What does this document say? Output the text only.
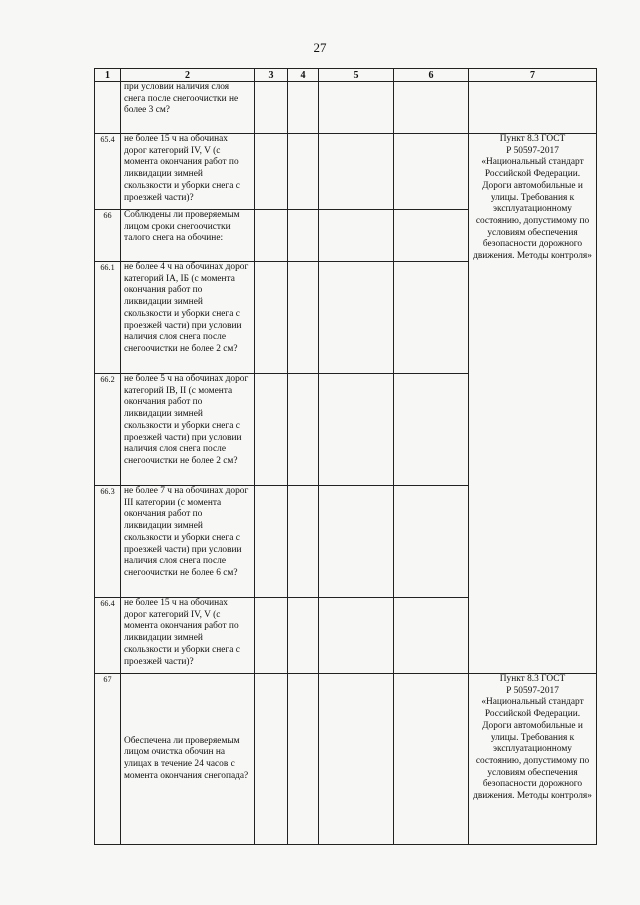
27
1	2	3	4	5	6	7
	при условии наличия слоя снега после снегоочистки не более 3 см?					
65.4	не более 15 ч на обочинах дорог категорий IV, V (с момента окончания работ по ликвидации зимней скользкости и уборки снега с проезжей части)?					Пункт 8.3 ГОСТ
Р 50597-2017
«Национальный стандарт Российской Федерации. Дороги автомобильные и улицы. Требования к эксплуатационному состоянию, допустимому по условиям обеспечения безопасности дорожного движения. Методы контроля»

66	Соблюдены ли проверяемым лицом сроки снегоочистки талого снега на обочине:					
66.1	не более 4 ч на обочинах дорог категорий IA, IБ (с момента окончания работ по ликвидации зимней скользкости и уборки снега с проезжей части) при условии наличия слоя снега после снегоочистки не более 2 см?					
66.2	не более 5 ч на обочинах дорог категорий IB, II (с момента окончания работ по ликвидации зимней скользкости и уборки снега с проезжей части) при условии наличия слоя снега после снегоочистки не более 2 см?					
66.3	не более 7 ч на обочинах дорог III категории (с момента окончания работ по ликвидации зимней скользкости и уборки снега с проезжей части) при условии наличия слоя снега после снегоочистки не более 6 см?					
66.4	не более 15 ч на обочинах дорог категорий IV, V (с момента окончания работ по ликвидации зимней скользкости и уборки снега с проезжей части)?					
67	Обеспечена ли проверяемым лицом очистка обочин на улицах в течение 24 часов с момента окончания снегопада?					Пункт 8.3 ГОСТ
Р 50597-2017
«Национальный стандарт Российской Федерации. Дороги автомобильные и улицы. Требования к эксплуатационному состоянию, допустимому по условиям обеспечения безопасности дорожного движения. Методы контроля»
